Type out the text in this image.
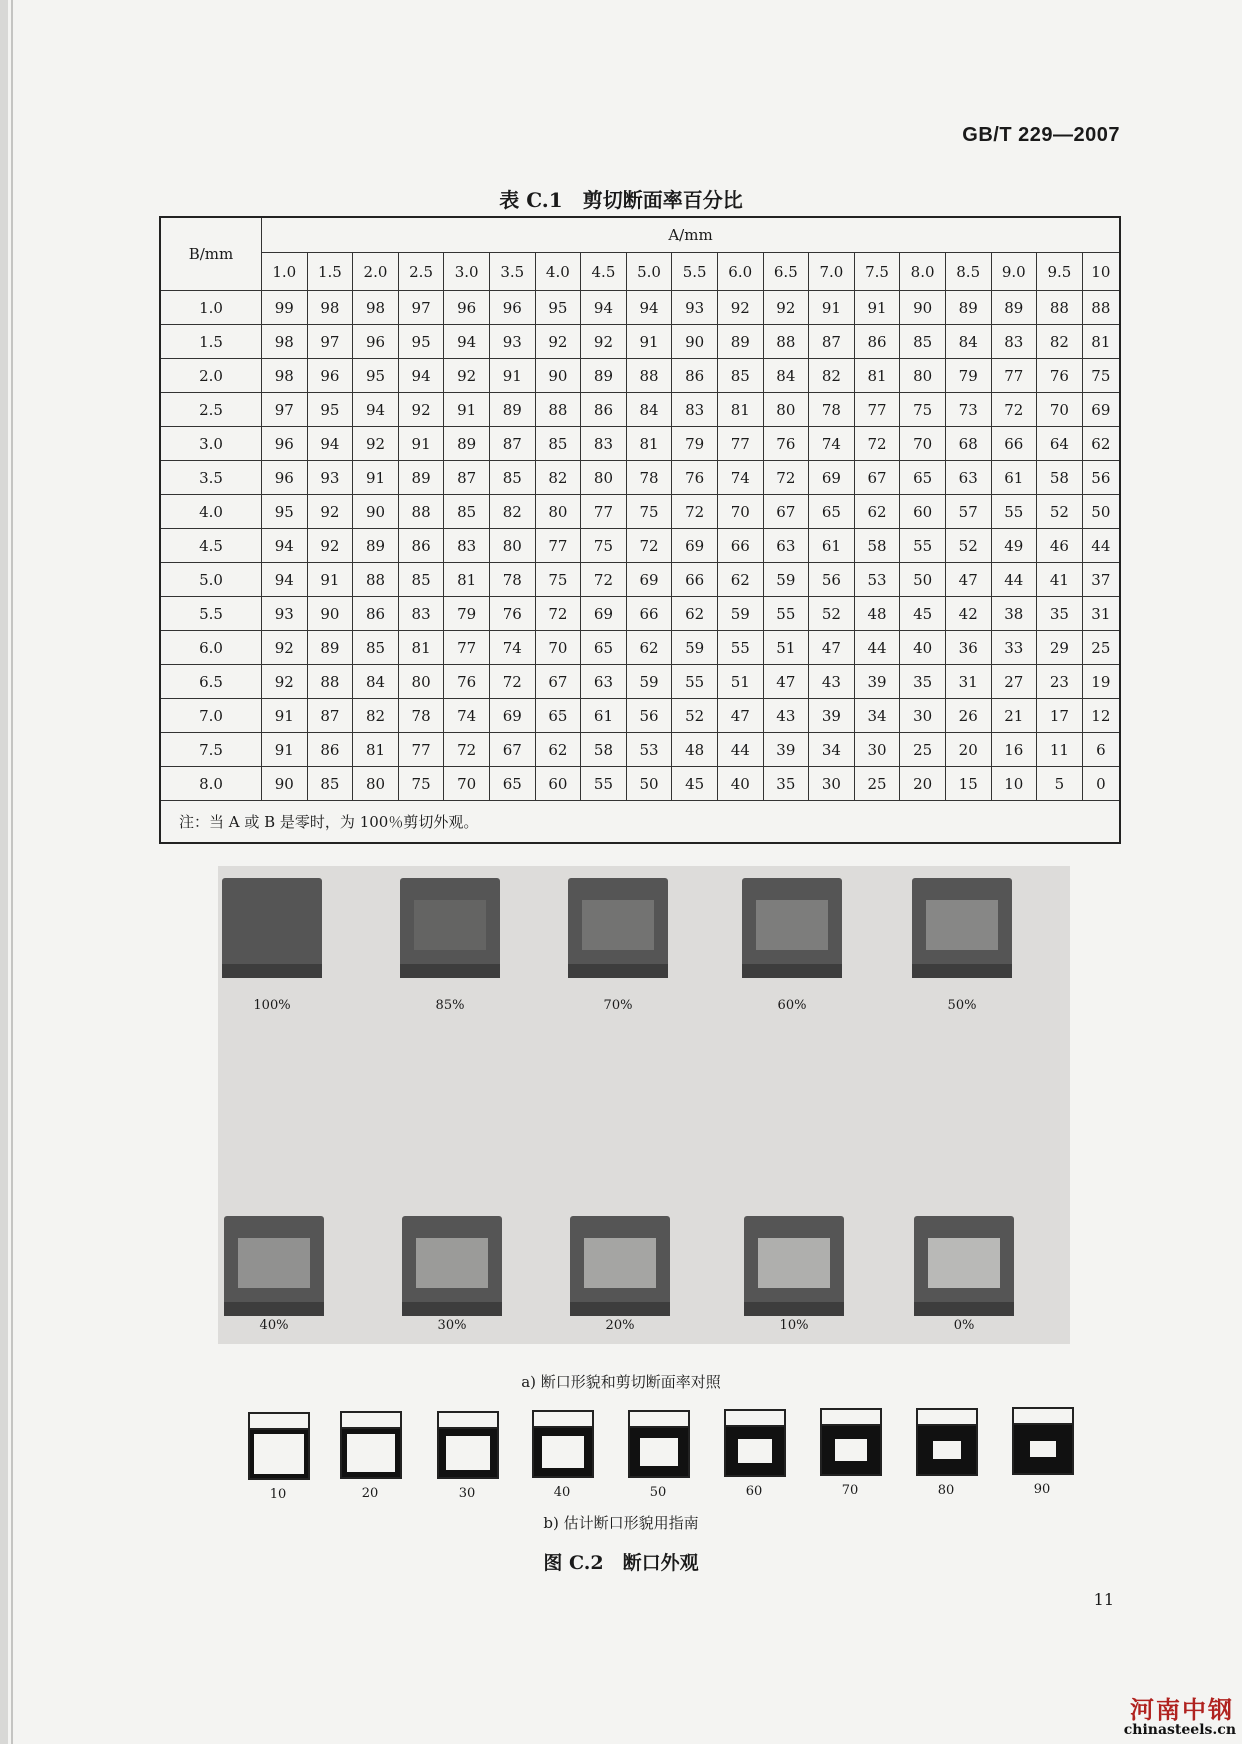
GB/T 229—2007
表 C.1　剪切断面率百分比
B/mm	A/mm																		
	1.0	1.5	2.0	2.5	3.0	3.5	4.0	4.5	5.0	5.5	6.0	6.5	7.0	7.5	8.0	8.5	9.0	9.5	10
1.0	99	98	98	97	96	96	95	94	94	93	92	92	91	91	90	89	89	88	88
1.5	98	97	96	95	94	93	92	92	91	90	89	88	87	86	85	84	83	82	81
2.0	98	96	95	94	92	91	90	89	88	86	85	84	82	81	80	79	77	76	75
2.5	97	95	94	92	91	89	88	86	84	83	81	80	78	77	75	73	72	70	69
3.0	96	94	92	91	89	87	85	83	81	79	77	76	74	72	70	68	66	64	62
3.5	96	93	91	89	87	85	82	80	78	76	74	72	69	67	65	63	61	58	56
4.0	95	92	90	88	85	82	80	77	75	72	70	67	65	62	60	57	55	52	50
4.5	94	92	89	86	83	80	77	75	72	69	66	63	61	58	55	52	49	46	44
5.0	94	91	88	85	81	78	75	72	69	66	62	59	56	53	50	47	44	41	37
5.5	93	90	86	83	79	76	72	69	66	62	59	55	52	48	45	42	38	35	31
6.0	92	89	85	81	77	74	70	65	62	59	55	51	47	44	40	36	33	29	25
6.5	92	88	84	80	76	72	67	63	59	55	51	47	43	39	35	31	27	23	19
7.0	91	87	82	78	74	69	65	61	56	52	47	43	39	34	30	26	21	17	12
7.5	91	86	81	77	72	67	62	58	53	48	44	39	34	30	25	20	16	11	6
8.0	90	85	80	75	70	65	60	55	50	45	40	35	30	25	20	15	10	5	0
注：当 A 或 B 是零时，为 100％剪切外观。																			
100%	85%	70%	60%	50%
40%	30%	20%	10%	0%
a) 断口形貌和剪切断面率对照
10	20	30	40	50	60	70	80	90
b) 估计断口形貌用指南
图 C.2　断口外观
11
河南中钢
chinasteels.cn
